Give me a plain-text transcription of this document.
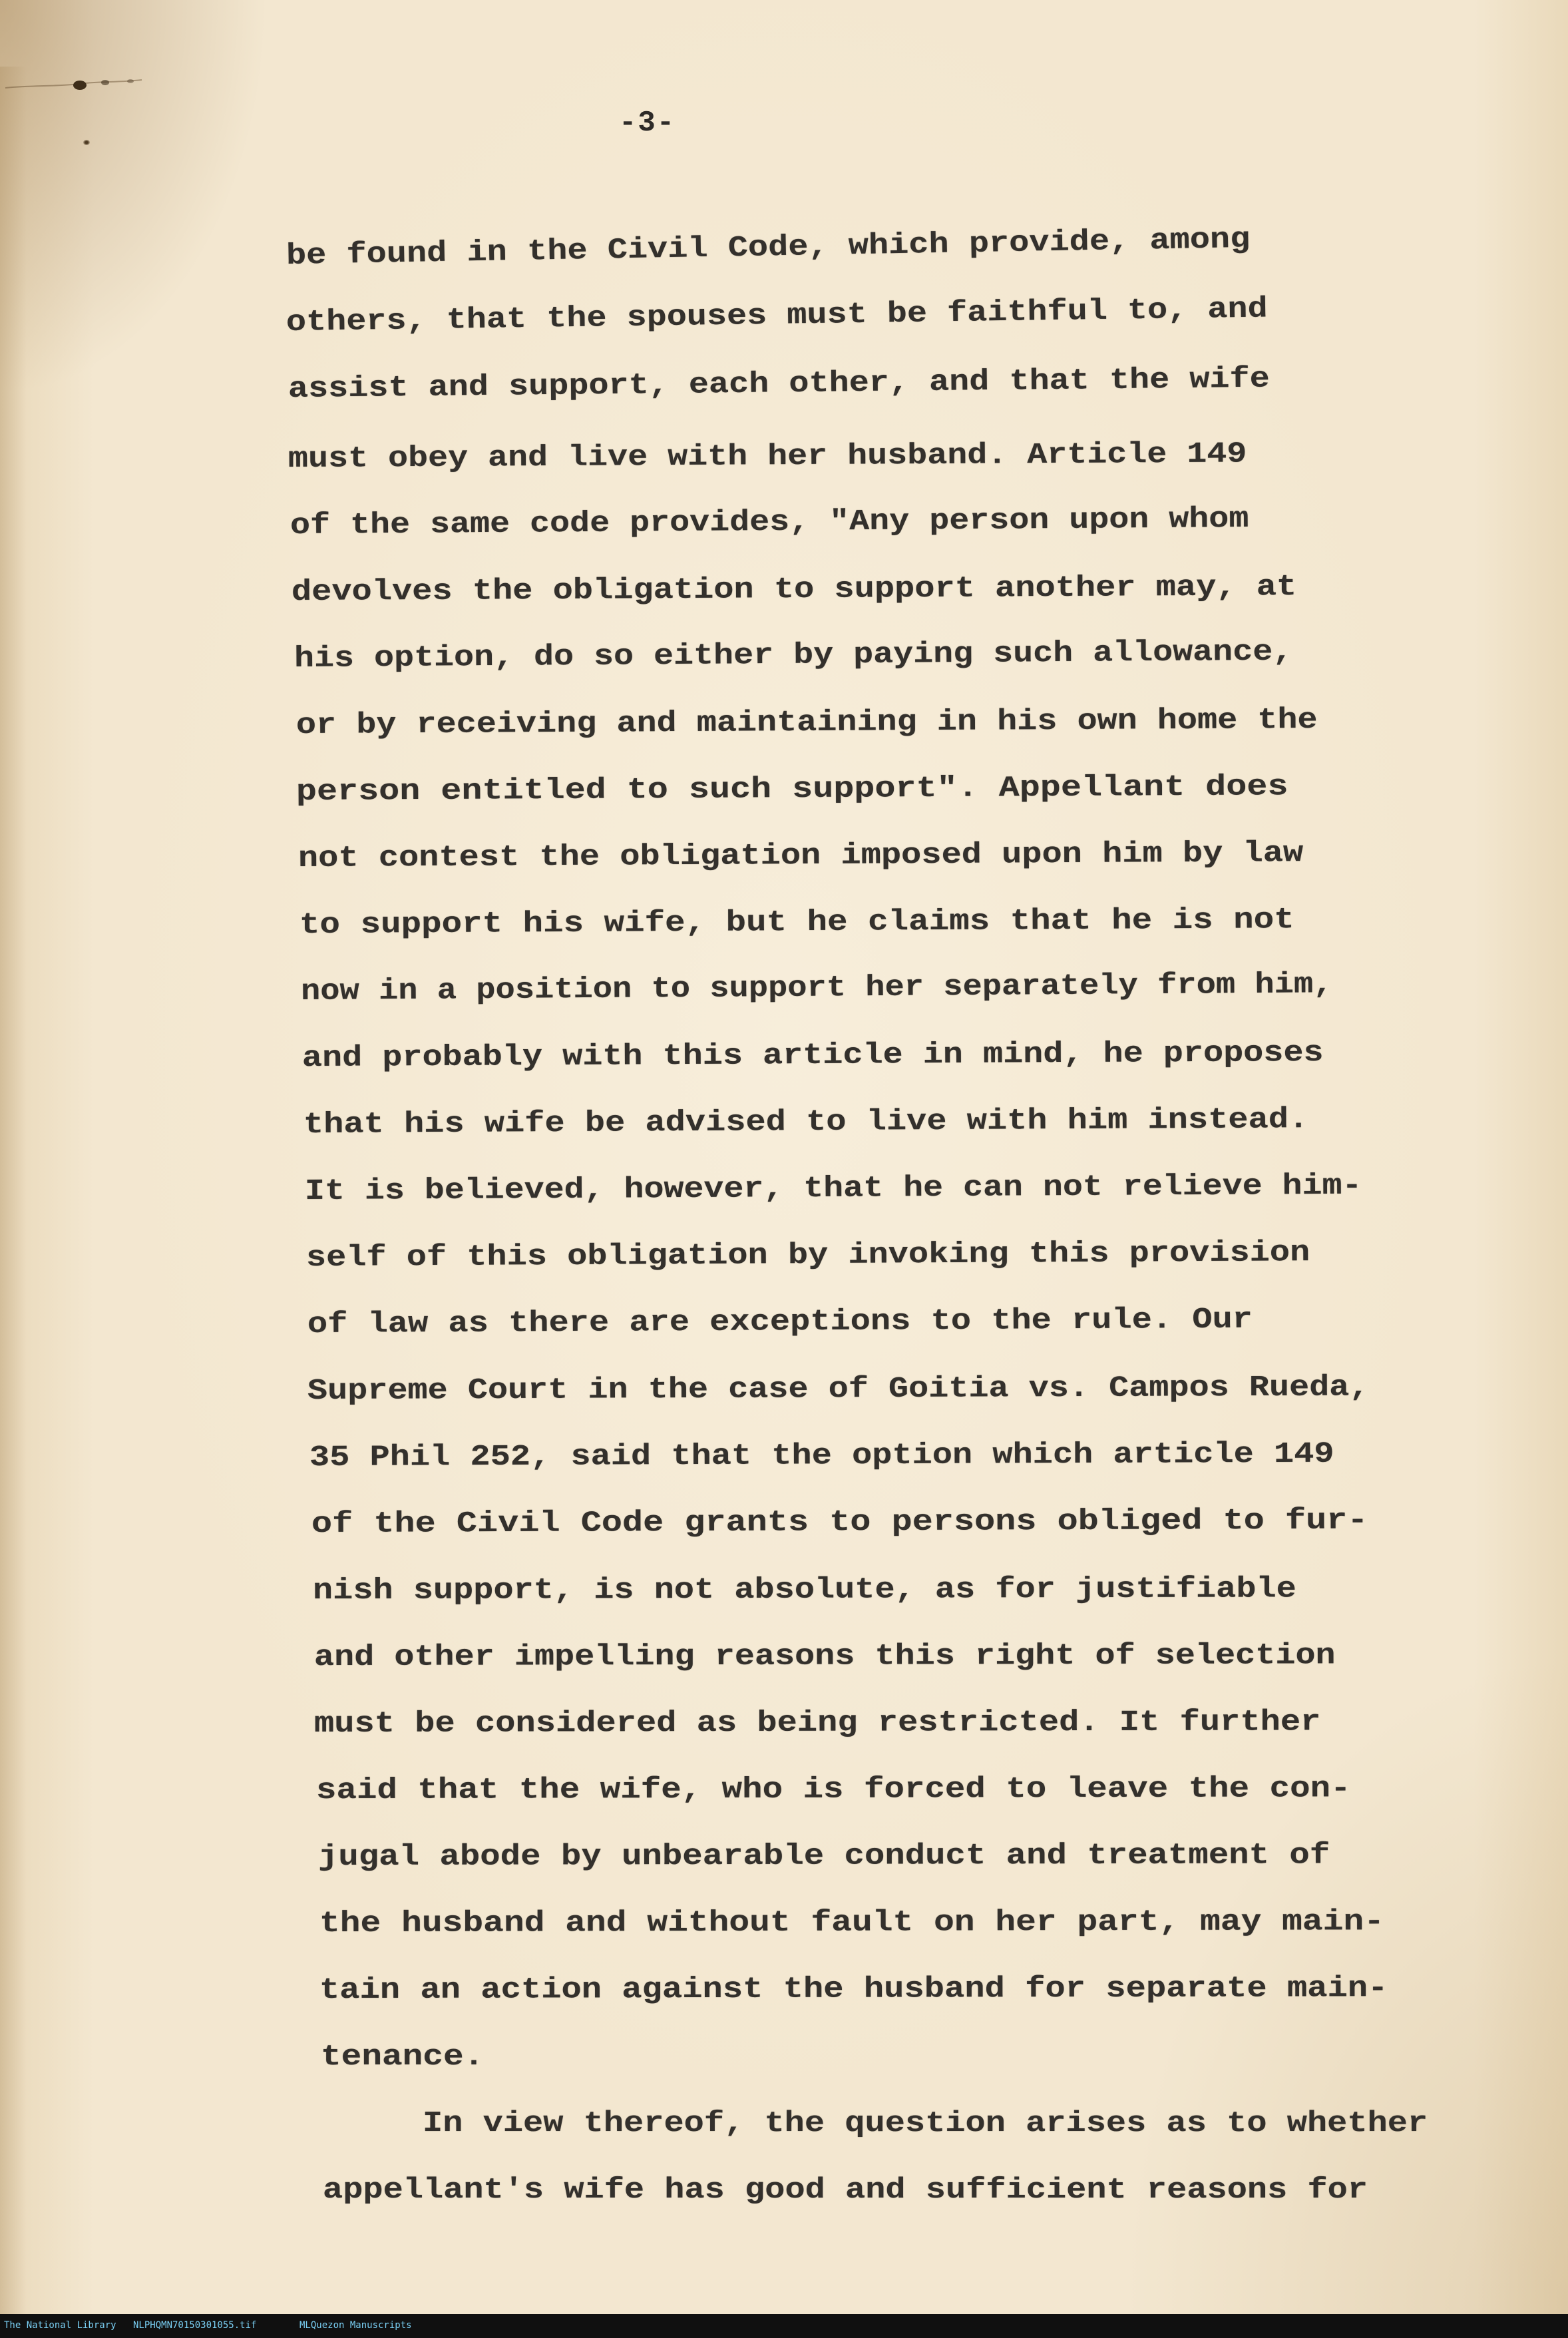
-3-
be found in the Civil Code, which provide, among
others, that the spouses must be faithful to, and
assist and support, each other, and that the wife
must obey and live with her husband. Article 149
of the same code provides, "Any person upon whom
devolves the obligation to support another may, at
his option, do so either by paying such allowance,
or by receiving and maintaining in his own home the
person entitled to such support". Appellant does
not contest the obligation imposed upon him by law
to support his wife, but he claims that he is not
now in a position to support her separately from him,
and probably with this article in mind, he proposes
that his wife be advised to live with him instead.
It is believed, however, that he can not relieve him-
self of this obligation by invoking this provision
of law as there are exceptions to the rule. Our
Supreme Court in the case of Goitia vs. Campos Rueda,
35 Phil 252, said that the option which article 149
of the Civil Code grants to persons obliged to fur-
nish support, is not absolute, as for justifiable
and other impelling reasons this right of selection
must be considered as being restricted. It further
said that the wife, who is forced to leave the con-
jugal abode by unbearable conduct and treatment of
the husband and without fault on her part, may main-
tain an action against the husband for separate main-
tenance.
In view thereof, the question arises as to whether
appellant's wife has good and sufficient reasons for
The National Library NLPHQMN70150301055.tif	MLQuezon Manuscripts
